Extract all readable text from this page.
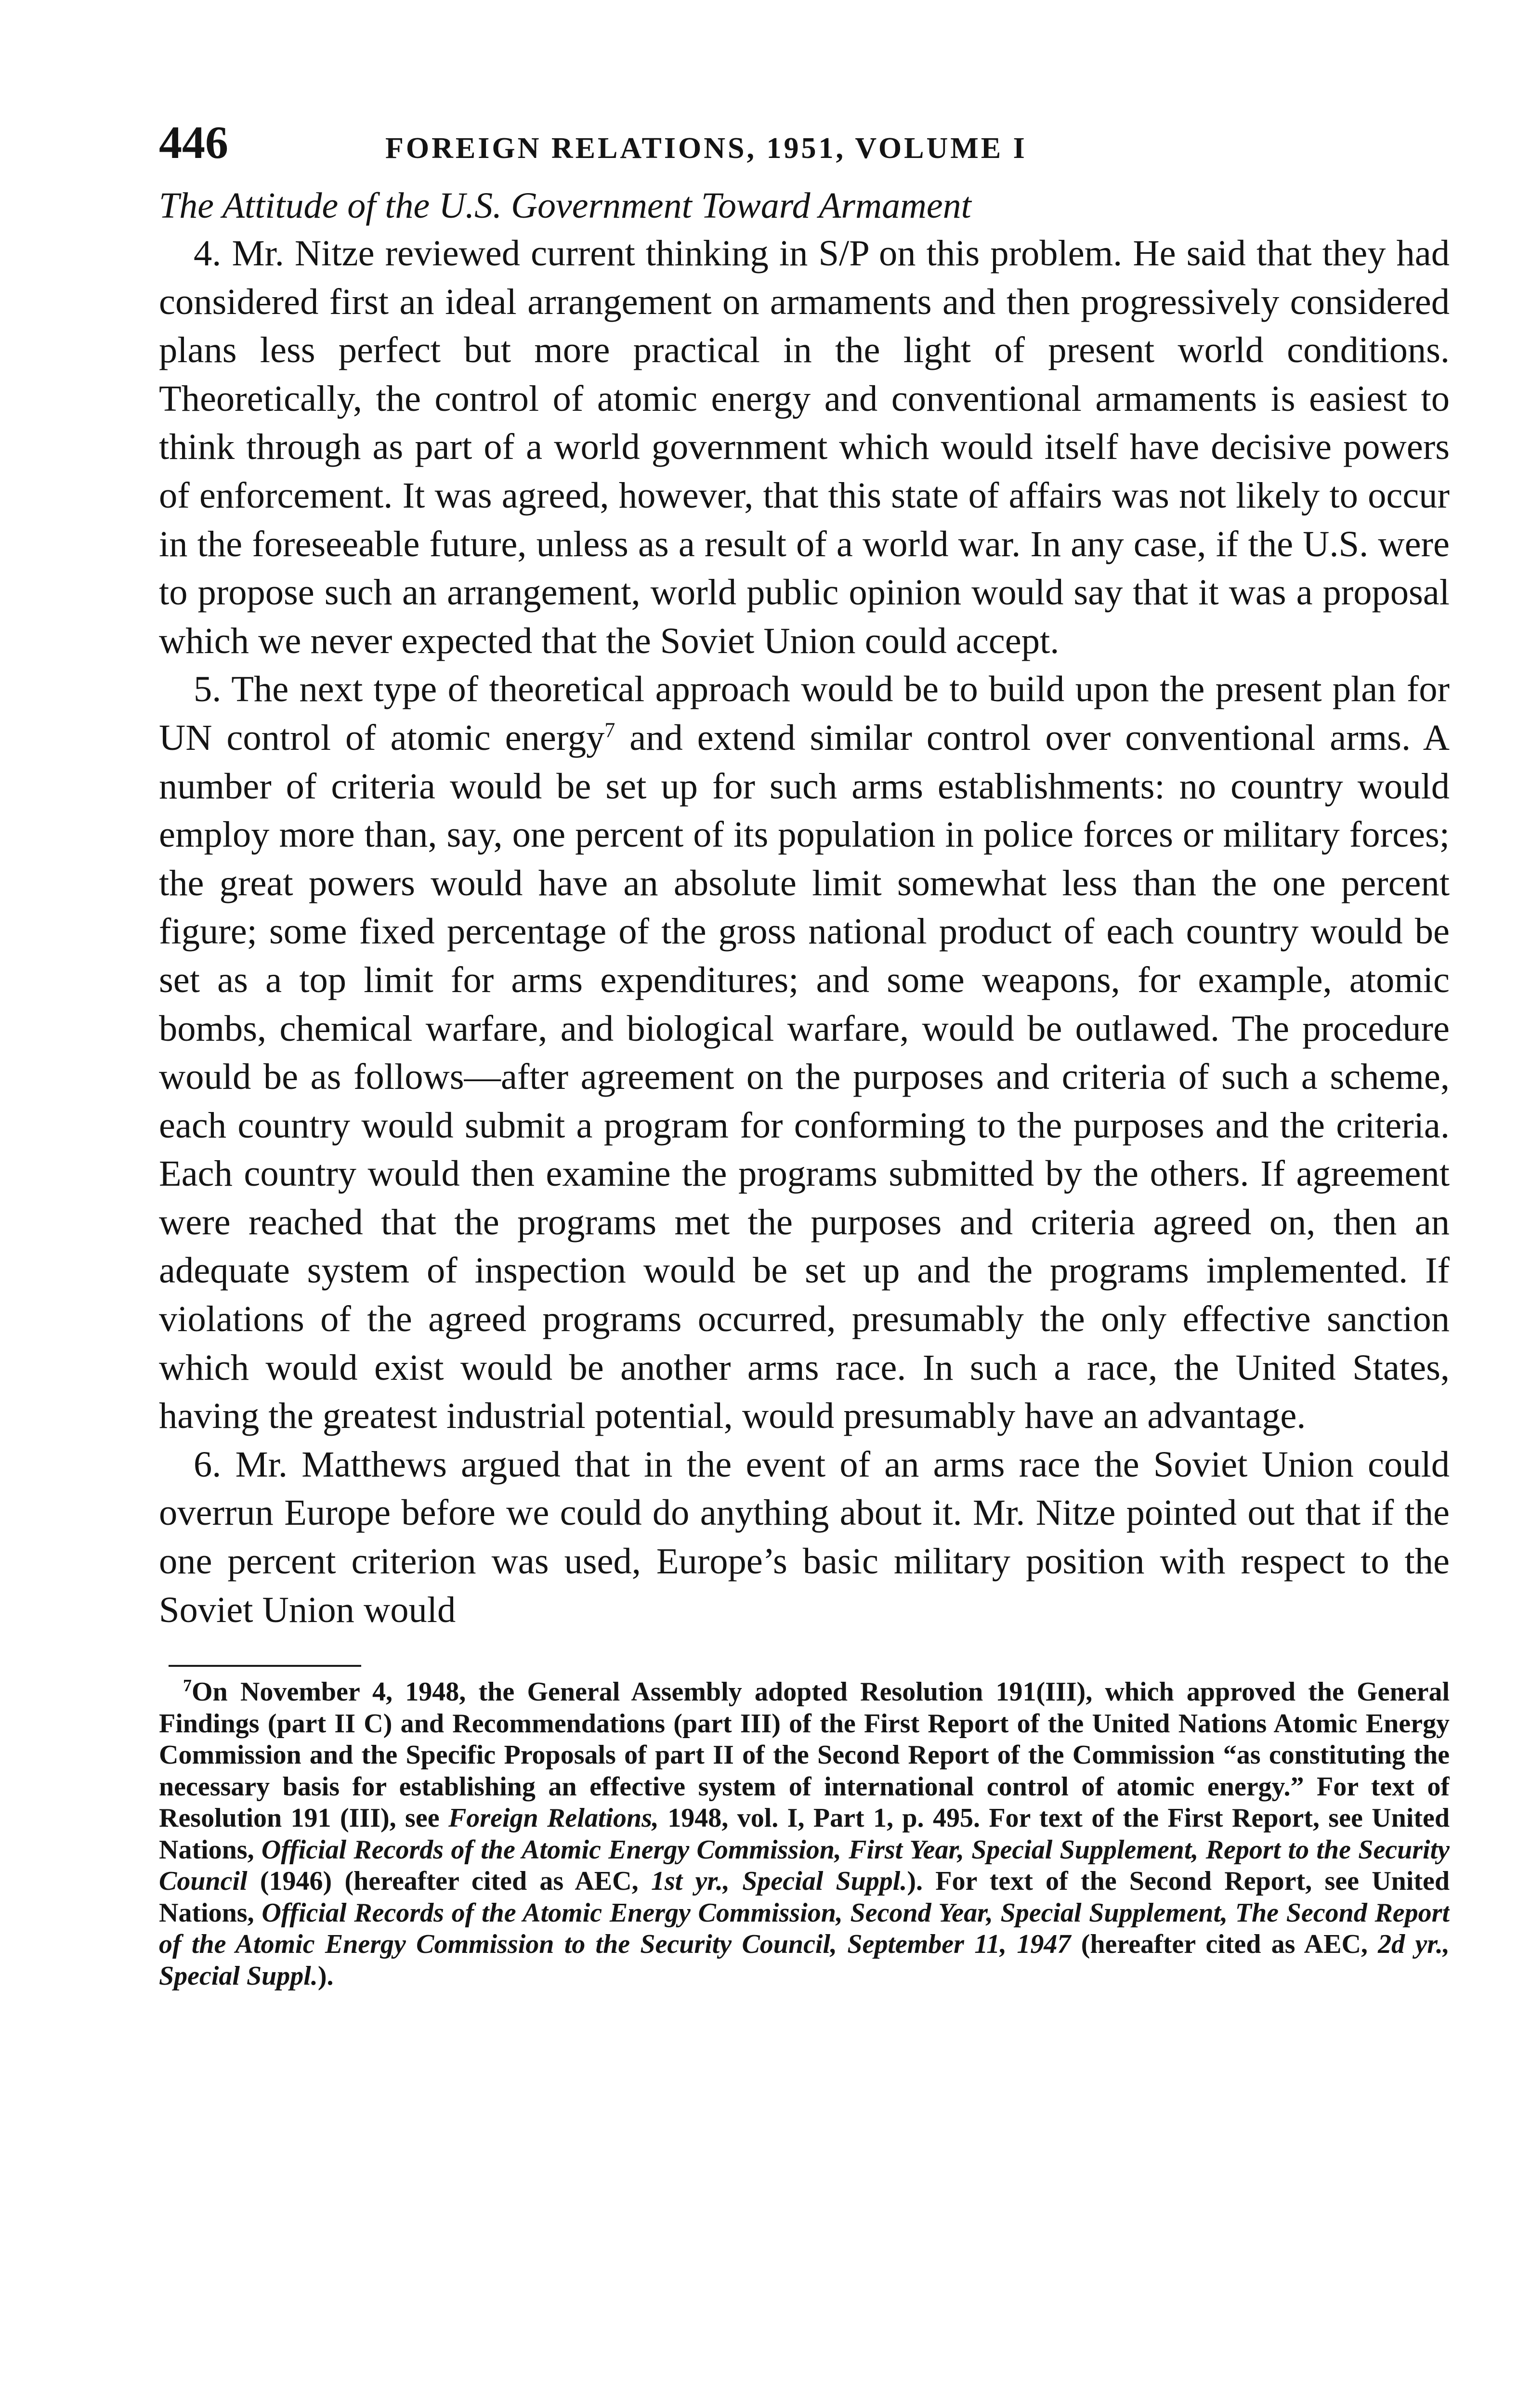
446	FOREIGN RELATIONS, 1951, VOLUME I
The Attitude of the U.S. Government Toward Armament

4. Mr. Nitze reviewed current thinking in S/P on this problem. He said that they had considered first an ideal arrangement on armaments and then progressively considered plans less perfect but more practical in the light of present world conditions. Theoretically, the control of atomic energy and conventional armaments is easiest to think through as part of a world government which would itself have decisive powers of enforcement. It was agreed, however, that this state of affairs was not likely to occur in the foreseeable future, unless as a result of a world war. In any case, if the U.S. were to propose such an arrangement, world public opinion would say that it was a proposal which we never expected that the Soviet Union could accept.

5. The next type of theoretical approach would be to build upon the present plan for UN control of atomic energy$^7$ and extend similar control over conventional arms. A number of criteria would be set up for such arms establishments: no country would employ more than, say, one percent of its population in police forces or military forces; the great powers would have an absolute limit somewhat less than the one percent figure; some fixed percentage of the gross national product of each country would be set as a top limit for arms expenditures; and some weapons, for example, atomic bombs, chemical warfare, and biological warfare, would be outlawed. The procedure would be as follows—after agreement on the purposes and criteria of such a scheme, each country would submit a program for conforming to the purposes and the criteria. Each country would then examine the programs submitted by the others. If agreement were reached that the programs met the purposes and criteria agreed on, then an adequate system of inspection would be set up and the programs implemented. If violations of the agreed programs occurred, presumably the only effective sanction which would exist would be another arms race. In such a race, the United States, having the greatest industrial potential, would presumably have an advantage.

6. Mr. Matthews argued that in the event of an arms race the Soviet Union could overrun Europe before we could do anything about it. Mr. Nitze pointed out that if the one percent criterion was used, Europe’s basic military position with respect to the Soviet Union would

$^7$On November 4, 1948, the General Assembly adopted Resolution 191(III), which approved the General Findings (part II C) and Recommendations (part III) of the First Report of the United Nations Atomic Energy Commission and the Specific Proposals of part II of the Second Report of the Commission “as constituting the necessary basis for establishing an effective system of international control of atomic energy.” For text of Resolution 191 (III), see Foreign Relations, 1948, vol. I, Part 1, p. 495. For text of the First Report, see United Nations, Official Records of the Atomic Energy Commission, First Year, Special Supplement, Report to the Security Council (1946) (hereafter cited as AEC, 1st yr., Special Suppl.). For text of the Second Report, see United Nations, Official Records of the Atomic Energy Commission, Second Year, Special Supplement, The Second Report of the Atomic Energy Commission to the Security Council, September 11, 1947 (hereafter cited as AEC, 2d yr., Special Suppl.).
